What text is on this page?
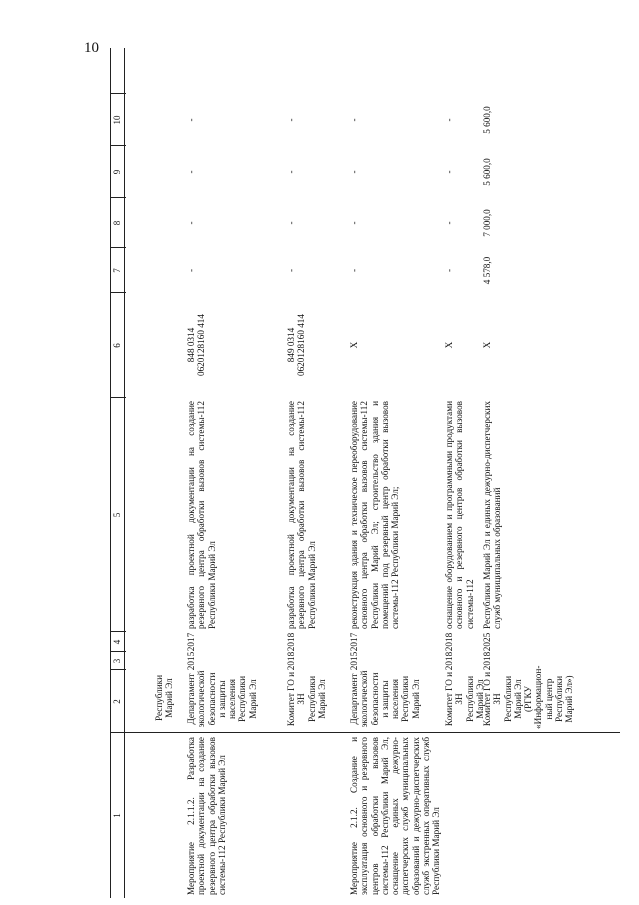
10
1
2
3
4
5
6
7
8
9
10
Республики Марий Эл
Мероприятие 2.1.1.2. Разработка проектной документации на создание резервного центра обработки вызовов системы-112 Республики Марий Эл
Департамент экологической безопасности и защиты населения Республики Марий Эл
2015
2017
разработка проектной документации на создание резервного центра обработки вызовов системы-112 Республики Марий Эл
848 0314 0620128160 414
-
-
-
-
Комитет ГО и ЗН Республики Марий Эл
2018
2018
разработка проектной документации на создание резервного центра обработки вызовов системы-112 Республики Марий Эл
849 0314 0620128160 414
-
-
-
-
Мероприятие 2.1.2. Создание и эксплуатация основного и резервного центров обработки вызовов системы-112 Республики Марий Эл, оснащение единых дежурно-диспетчерских служб муниципальных образований и дежурно-диспетчерских служб экстренных оперативных служб Республики Марий Эл
Департамент экологической безопасности и защиты населения Республики Марий Эл
2015
2017
реконструкция здания и техническое переоборудование основного центра обработки вызовов системы-112 Республики Марий Эл; строительство здания и помещений под резервный центр обработки вызовов системы-112 Республики Марий Эл;
X
-
-
-
-
Комитет ГО и ЗН Республики Марий Эл
2018
2018
оснащение оборудованием и программными продуктами основного и резервного центров обработки вызовов системы-112
X
-
-
-
-
Комитет ГО и ЗН Республики Марий Эл (РГКУ «Информацион- ный центр Республики Марий Эл»)
2018
2025
Республики Марий Эл и единых дежурно-диспетчерских служб муниципальных образований
X
4 578,0
7 000,0
5 600,0
5 600,0
